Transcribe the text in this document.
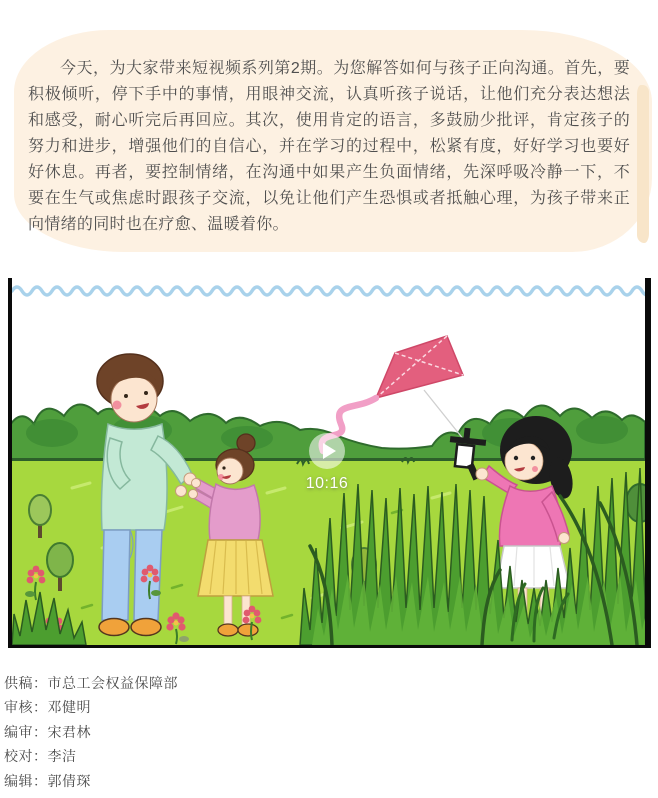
今天，为大家带来短视频系列第2期。为您解答如何与孩子正向沟通。首先，要积极倾听，停下手中的事情，用眼神交流，认真听孩子说话，让他们充分表达想法和感受，耐心听完后再回应。其次，使用肯定的语言，多鼓励少批评，肯定孩子的努力和进步，增强他们的自信心，并在学习的过程中，松紧有度，好好学习也要好好休息。再者，要控制情绪，在沟通中如果产生负面情绪，先深呼吸冷静一下，不要在生气或焦虑时跟孩子交流，以免让他们产生恐惧或者抵触心理，为孩子带来正向情绪的同时也在疗愈、温暖着你。

10:16
供稿：市总工会权益保障部
审核：邓健明
编审：宋君林
校对：李洁
编辑：郭倩琛
